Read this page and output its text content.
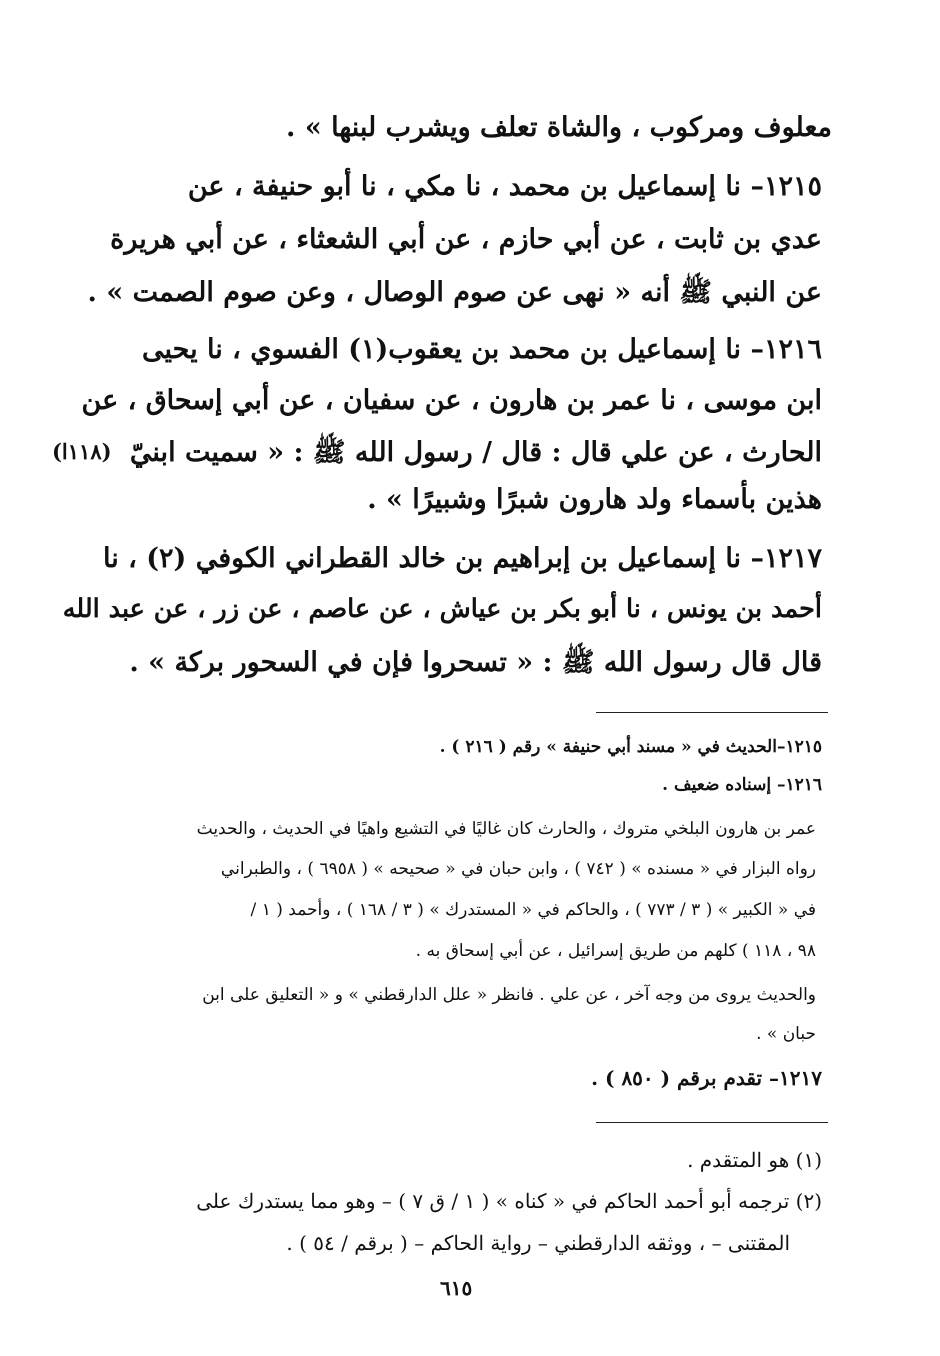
معلوف ومركوب ، والشاة تعلف ويشرب لبنها » .
١٢١٥– نا إسماعيل بن محمد ، نا مكي ، نا أبو حنيفة ، عن
عدي بن ثابت ، عن أبي حازم ، عن أبي الشعثاء ، عن أبي هريرة
عن النبي ﷺ أنه « نهى عن صوم الوصال ، وعن صوم الصمت » .
١٢١٦– نا إسماعيل بن محمد بن يعقوب(١) الفسوي ، نا يحيى
ابن موسى ، نا عمر بن هارون ، عن سفيان ، عن أبي إسحاق ، عن
الحارث ، عن علي قال : قال / رسول الله ﷺ : « سميت ابنيّ
(١١٨ا)
هذين بأسماء ولد هارون شبرًا وشبيرًا » .
١٢١٧– نا إسماعيل بن إبراهيم بن خالد القطراني الكوفي (٢) ، نا
أحمد بن يونس ، نا أبو بكر بن عياش ، عن عاصم ، عن زر ، عن عبد الله
قال قال رسول الله ﷺ : « تسحروا فإن في السحور بركة » .
١٢١٥–الحديث في « مسند أبي حنيفة » رقم ( ٢١٦ ) .
١٢١٦– إسناده ضعيف .
عمر بن هارون البلخي متروك ، والحارث كان غاليًا في التشيع واهيًا في الحديث ، والحديث
رواه البزار في « مسنده » ( ٧٤٢ ) ، وابن حبان في « صحيحه » ( ٦٩٥٨ ) ، والطبراني
في « الكبير » ( ٣ / ٧٧٣ ) ، والحاكم في « المستدرك » ( ٣ / ١٦٨ ) ، وأحمد ( ١ /
٩٨ ، ١١٨ ) كلهم من طريق إسرائيل ، عن أبي إسحاق به .
والحديث يروى من وجه آخر ، عن علي . فانظر « علل الدارقطني » و « التعليق على ابن
حبان » .
١٢١٧– تقدم برقم ( ٨٥٠ ) .
(١) هو المتقدم .
(٢) ترجمه أبو أحمد الحاكم في « كناه » ( ١ / ق ٧ ) – وهو مما يستدرك على
المقتنى – ، ووثقه الدارقطني – رواية الحاكم – ( برقم / ٥٤ ) .
٦١٥
